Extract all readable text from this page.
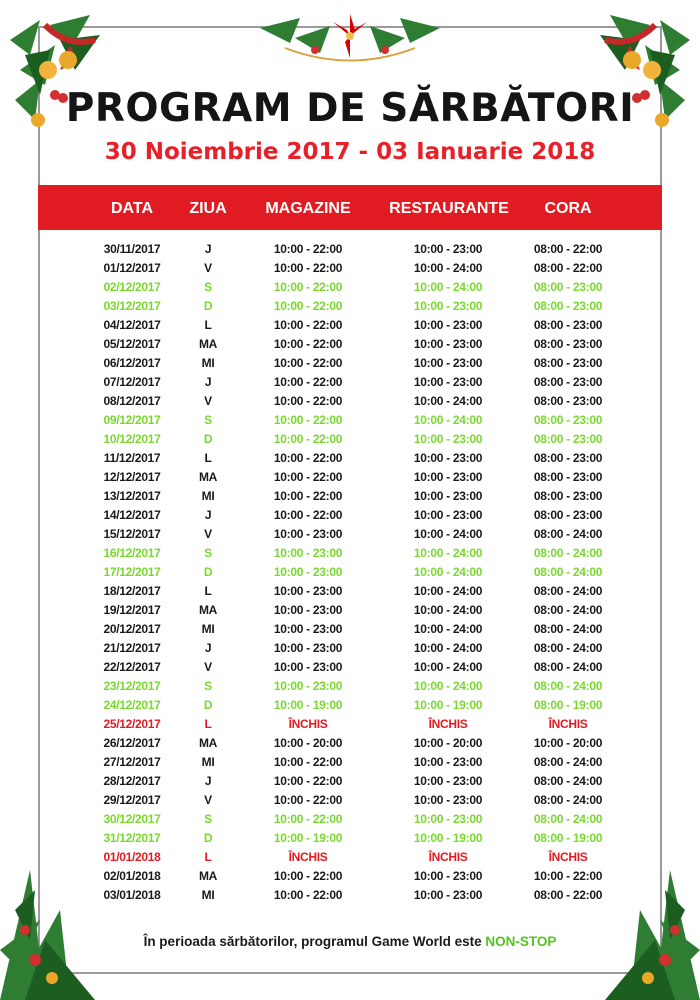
PROGRAM DE SĂRBĂTORI
30 Noiembrie 2017 - 03 Ianuarie 2018
DATA	ZIUA	MAGAZINE	RESTAURANTE	CORA
30/11/2017	J	10:00 - 22:00	10:00 - 23:00	08:00 - 22:00
01/12/2017	V	10:00 - 22:00	10:00 - 24:00	08:00 - 22:00
02/12/2017	S	10:00 - 22:00	10:00 - 24:00	08:00 - 23:00
03/12/2017	D	10:00 - 22:00	10:00 - 23:00	08:00 - 23:00
04/12/2017	L	10:00 - 22:00	10:00 - 23:00	08:00 - 23:00
05/12/2017	MA	10:00 - 22:00	10:00 - 23:00	08:00 - 23:00
06/12/2017	MI	10:00 - 22:00	10:00 - 23:00	08:00 - 23:00
07/12/2017	J	10:00 - 22:00	10:00 - 23:00	08:00 - 23:00
08/12/2017	V	10:00 - 22:00	10:00 - 24:00	08:00 - 23:00
09/12/2017	S	10:00 - 22:00	10:00 - 24:00	08:00 - 23:00
10/12/2017	D	10:00 - 22:00	10:00 - 23:00	08:00 - 23:00
11/12/2017	L	10:00 - 22:00	10:00 - 23:00	08:00 - 23:00
12/12/2017	MA	10:00 - 22:00	10:00 - 23:00	08:00 - 23:00
13/12/2017	MI	10:00 - 22:00	10:00 - 23:00	08:00 - 23:00
14/12/2017	J	10:00 - 22:00	10:00 - 23:00	08:00 - 23:00
15/12/2017	V	10:00 - 23:00	10:00 - 24:00	08:00 - 24:00
16/12/2017	S	10:00 - 23:00	10:00 - 24:00	08:00 - 24:00
17/12/2017	D	10:00 - 23:00	10:00 - 24:00	08:00 - 24:00
18/12/2017	L	10:00 - 23:00	10:00 - 24:00	08:00 - 24:00
19/12/2017	MA	10:00 - 23:00	10:00 - 24:00	08:00 - 24:00
20/12/2017	MI	10:00 - 23:00	10:00 - 24:00	08:00 - 24:00
21/12/2017	J	10:00 - 23:00	10:00 - 24:00	08:00 - 24:00
22/12/2017	V	10:00 - 23:00	10:00 - 24:00	08:00 - 24:00
23/12/2017	S	10:00 - 23:00	10:00 - 24:00	08:00 - 24:00
24/12/2017	D	10:00 - 19:00	10:00 - 19:00	08:00 - 19:00
25/12/2017	L	ÎNCHIS	ÎNCHIS	ÎNCHIS
26/12/2017	MA	10:00 - 20:00	10:00 - 20:00	10:00 - 20:00
27/12/2017	MI	10:00 - 22:00	10:00 - 23:00	08:00 - 24:00
28/12/2017	J	10:00 - 22:00	10:00 - 23:00	08:00 - 24:00
29/12/2017	V	10:00 - 22:00	10:00 - 23:00	08:00 - 24:00
30/12/2017	S	10:00 - 22:00	10:00 - 23:00	08:00 - 24:00
31/12/2017	D	10:00 - 19:00	10:00 - 19:00	08:00 - 19:00
01/01/2018	L	ÎNCHIS	ÎNCHIS	ÎNCHIS
02/01/2018	MA	10:00 - 22:00	10:00 - 23:00	10:00 - 22:00
03/01/2018	MI	10:00 - 22:00	10:00 - 23:00	08:00 - 22:00
În perioada sărbătorilor, programul Game World este NON-STOP
